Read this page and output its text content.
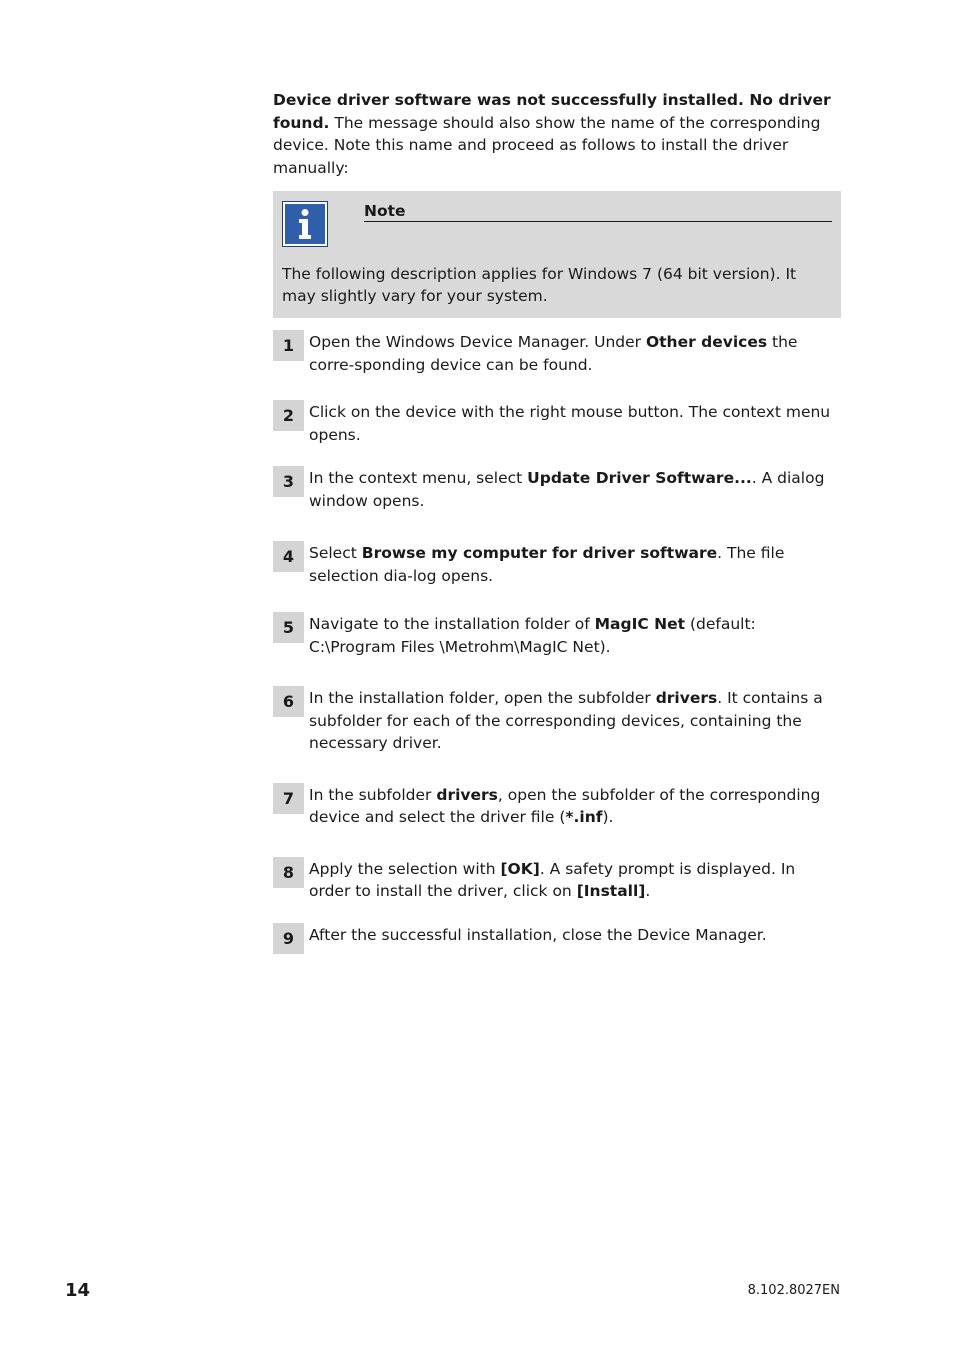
Device driver software was not successfully installed. No driver found. The message should also show the name of the corresponding device. Note this name and proceed as follows to install the driver manually:

Note
The following description applies for Windows 7 (64 bit version). It may slightly vary for your system.
1 Open the Windows Device Manager. Under Other devices the corre-sponding device can be found.
2 Click on the device with the right mouse button. The context menu opens.
3 In the context menu, select Update Driver Software.... A dialog window opens.
4 Select Browse my computer for driver software. The file selection dia-log opens.
5 Navigate to the installation folder of MagIC Net (default: C:\Program Files \Metrohm\MagIC Net).
6 In the installation folder, open the subfolder drivers. It contains a subfolder for each of the corresponding devices, containing the necessary driver.
7 In the subfolder drivers, open the subfolder of the corresponding device and select the driver file (*.inf).
8 Apply the selection with [OK]. A safety prompt is displayed. In order to install the driver, click on [Install].
9 After the successful installation, close the Device Manager.
14	8.102.8027EN
